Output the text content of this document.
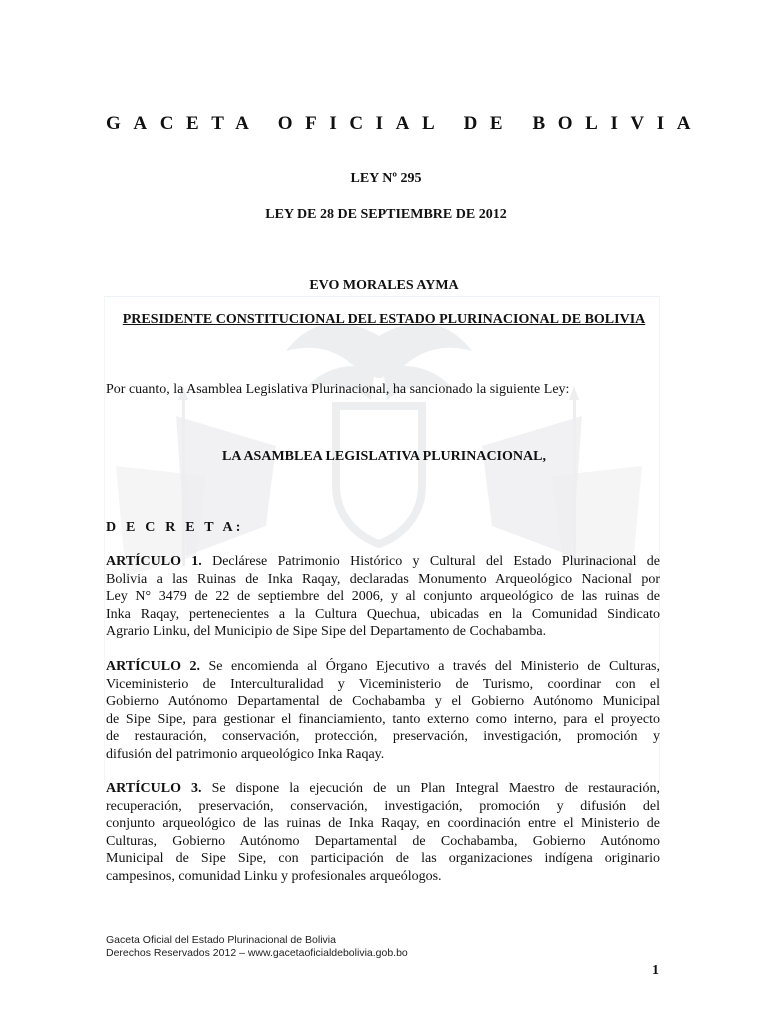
GACETA OFICIAL DE BOLIVIA

LEY Nº 295

LEY DE 28 DE SEPTIEMBRE DE 2012

EVO MORALES AYMA

PRESIDENTE CONSTITUCIONAL DEL ESTADO PLURINACIONAL DE BOLIVIA

Por cuanto, la Asamblea Legislativa Plurinacional, ha sancionado la siguiente Ley:

LA ASAMBLEA LEGISLATIVA PLURINACIONAL,

D E C R E T A:

ARTÍCULO 1. Declárese Patrimonio Histórico y Cultural del Estado Plurinacional de
Bolivia a las Ruinas de Inka Raqay, declaradas Monumento Arqueológico Nacional por
Ley N° 3479 de 22 de septiembre del 2006, y al conjunto arqueológico de las ruinas de
Inka Raqay, pertenecientes a la Cultura Quechua, ubicadas en la Comunidad Sindicato
Agrario Linku, del Municipio de Sipe Sipe del Departamento de Cochabamba.
ARTÍCULO 2. Se encomienda al Órgano Ejecutivo a través del Ministerio de Culturas,
Viceministerio de Interculturalidad y Viceministerio de Turismo, coordinar con el
Gobierno Autónomo Departamental de Cochabamba y el Gobierno Autónomo Municipal
de Sipe Sipe, para gestionar el financiamiento, tanto externo como interno, para el proyecto
de restauración, conservación, protección, preservación, investigación, promoción y
difusión del patrimonio arqueológico Inka Raqay.
ARTÍCULO 3. Se dispone la ejecución de un Plan Integral Maestro de restauración,
recuperación, preservación, conservación, investigación, promoción y difusión del
conjunto arqueológico de las ruinas de Inka Raqay, en coordinación entre el Ministerio de
Culturas, Gobierno Autónomo Departamental de Cochabamba, Gobierno Autónomo
Municipal de Sipe Sipe, con participación de las organizaciones indígena originario
campesinos, comunidad Linku y profesionales arqueólogos.

Gaceta Oficial del Estado Plurinacional de Bolivia
Derechos Reservados 2012 – www.gacetaoficialdebolivia.gob.bo

1
